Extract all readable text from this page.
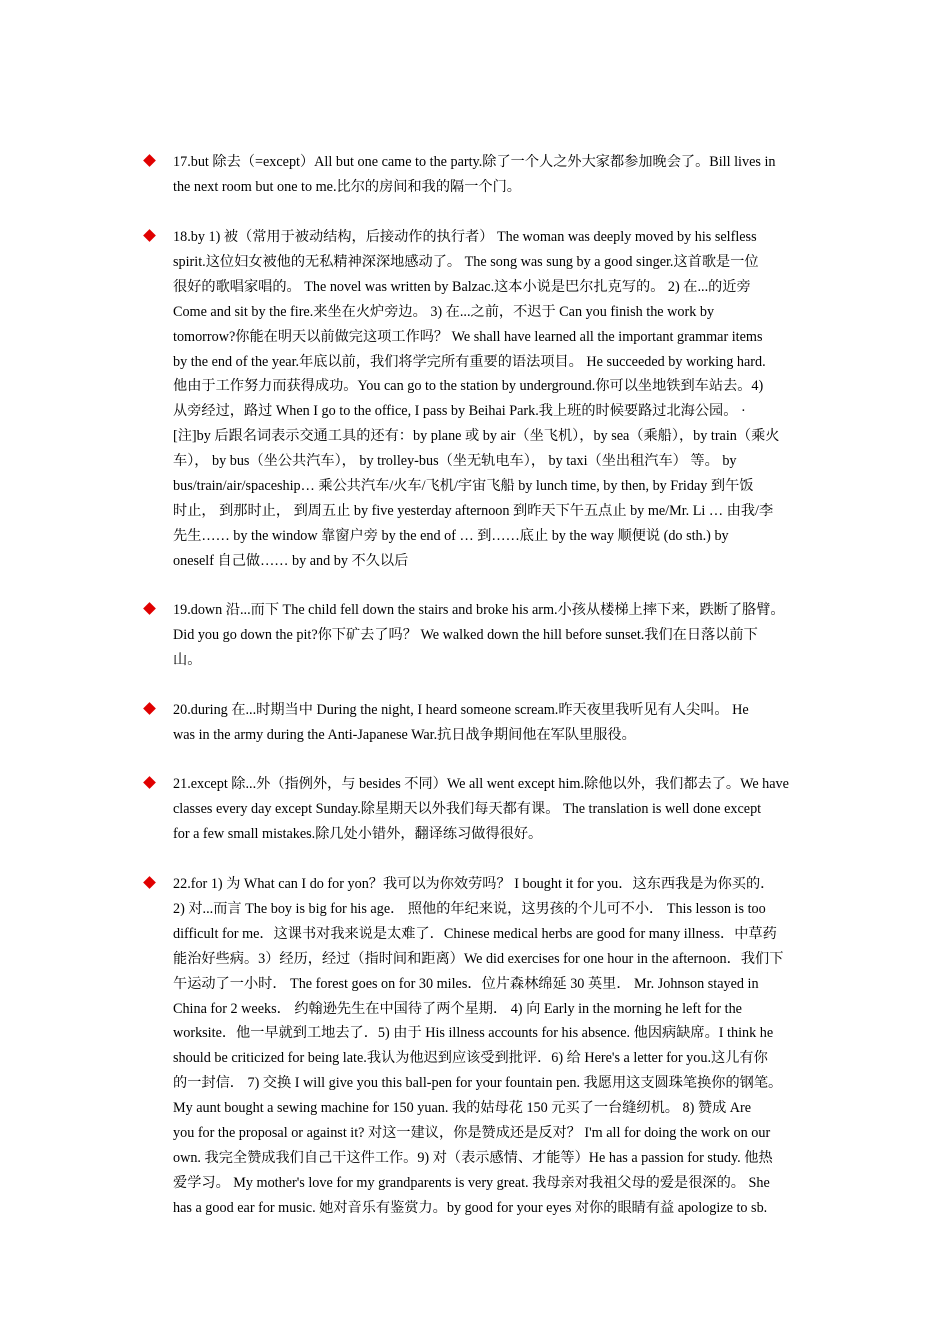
17.but 除去（=except）All but one came to the party.除了一个人之外大家都参加晚会了。Bill lives in
the next room but one to me.比尔的房间和我的隔一个门。
18.by 1) 被（常用于被动结构，后接动作的执行者） The woman was deeply moved by his selfless
spirit.这位妇女被他的无私精神深深地感动了。 The song was sung by a good singer.这首歌是一位
很好的歌唱家唱的。 The novel was written by Balzac.这本小说是巴尔扎克写的。 2) 在...的近旁
Come and sit by the fire.来坐在火炉旁边。 3) 在...之前，不迟于 Can you finish the work by
tomorrow?你能在明天以前做完这项工作吗？ We shall have learned all the important grammar items
by the end of the year.年底以前，我们将学完所有重要的语法项目。 He succeeded by working hard.
他由于工作努力而获得成功。You can go to the station by underground.你可以坐地铁到车站去。4)
从旁经过，路过 When I go to the office, I pass by Beihai Park.我上班的时候要路过北海公园。 ·
[注]by 后跟名词表示交通工具的还有：by plane 或 by air（坐飞机），by sea（乘船），by train（乘火
车）， by bus（坐公共汽车）， by trolley-bus（坐无轨电车）， by taxi（坐出租汽车） 等。 by
bus/train/air/spaceship… 乘公共汽车/火车/飞机/宇宙飞船 by lunch time, by then, by Friday 到午饭
时止， 到那时止， 到周五止 by five yesterday afternoon 到昨天下午五点止 by me/Mr. Li … 由我/李
先生…… by the window 靠窗户旁 by the end of … 到……底止 by the way 顺便说 (do sth.) by
oneself 自己做…… by and by 不久以后
19.down 沿...而下 The child fell down the stairs and broke his arm.小孩从楼梯上摔下来，跌断了胳臂。
Did you go down the pit?你下矿去了吗？ We walked down the hill before sunset.我们在日落以前下
山。
20.during 在...时期当中 During the night, I heard someone scream.昨天夜里我听见有人尖叫。 He
was in the army during the Anti-Japanese War.抗日战争期间他在军队里服役。
21.except 除...外（指例外，与 besides 不同）We all went except him.除他以外，我们都去了。We have
classes every day except Sunday.除星期天以外我们每天都有课。 The translation is well done except
for a few small mistakes.除几处小错外，翻译练习做得很好。
22.for 1) 为 What can I do for yon？我可以为你效劳吗？ I bought it for you．这东西我是为你买的．
2) 对...而言 The boy is big for his age． 照他的年纪来说，这男孩的个儿可不小． This lesson is too
difficult for me．这课书对我来说是太难了．Chinese medical herbs are good for many illness．中草药
能治好些病。3）经历，经过（指时间和距离）We did exercises for one hour in the afternoon．我们下
午运动了一小时． The forest goes on for 30 miles．位片森林绵延 30 英里． Mr. Johnson stayed in
China for 2 weeks． 约翰逊先生在中国待了两个星期． 4) 向 Early in the morning he left for the
worksite．他一早就到工地去了．5) 由于 His illness accounts for his absence. 他因病缺席。I think he
should be criticized for being late.我认为他迟到应该受到批评．6) 给 Here's a letter for you.这儿有你
的一封信． 7) 交换 I will give you this ball-pen for your fountain pen. 我愿用这支圆珠笔换你的钢笔。
My aunt bought a sewing machine for 150 yuan. 我的姑母花 150 元买了一台缝纫机。 8) 赞成 Are
you for the proposal or against it? 对这一建议，你是赞成还是反对？ I'm all for doing the work on our
own. 我完全赞成我们自己干这件工作。9) 对（表示感情、才能等）He has a passion for study. 他热
爱学习。 My mother's love for my grandparents is very great. 我母亲对我祖父母的爱是很深的。 She
has a good ear for music. 她对音乐有鉴赏力。by good for your eyes 对你的眼睛有益 apologize to sb.
